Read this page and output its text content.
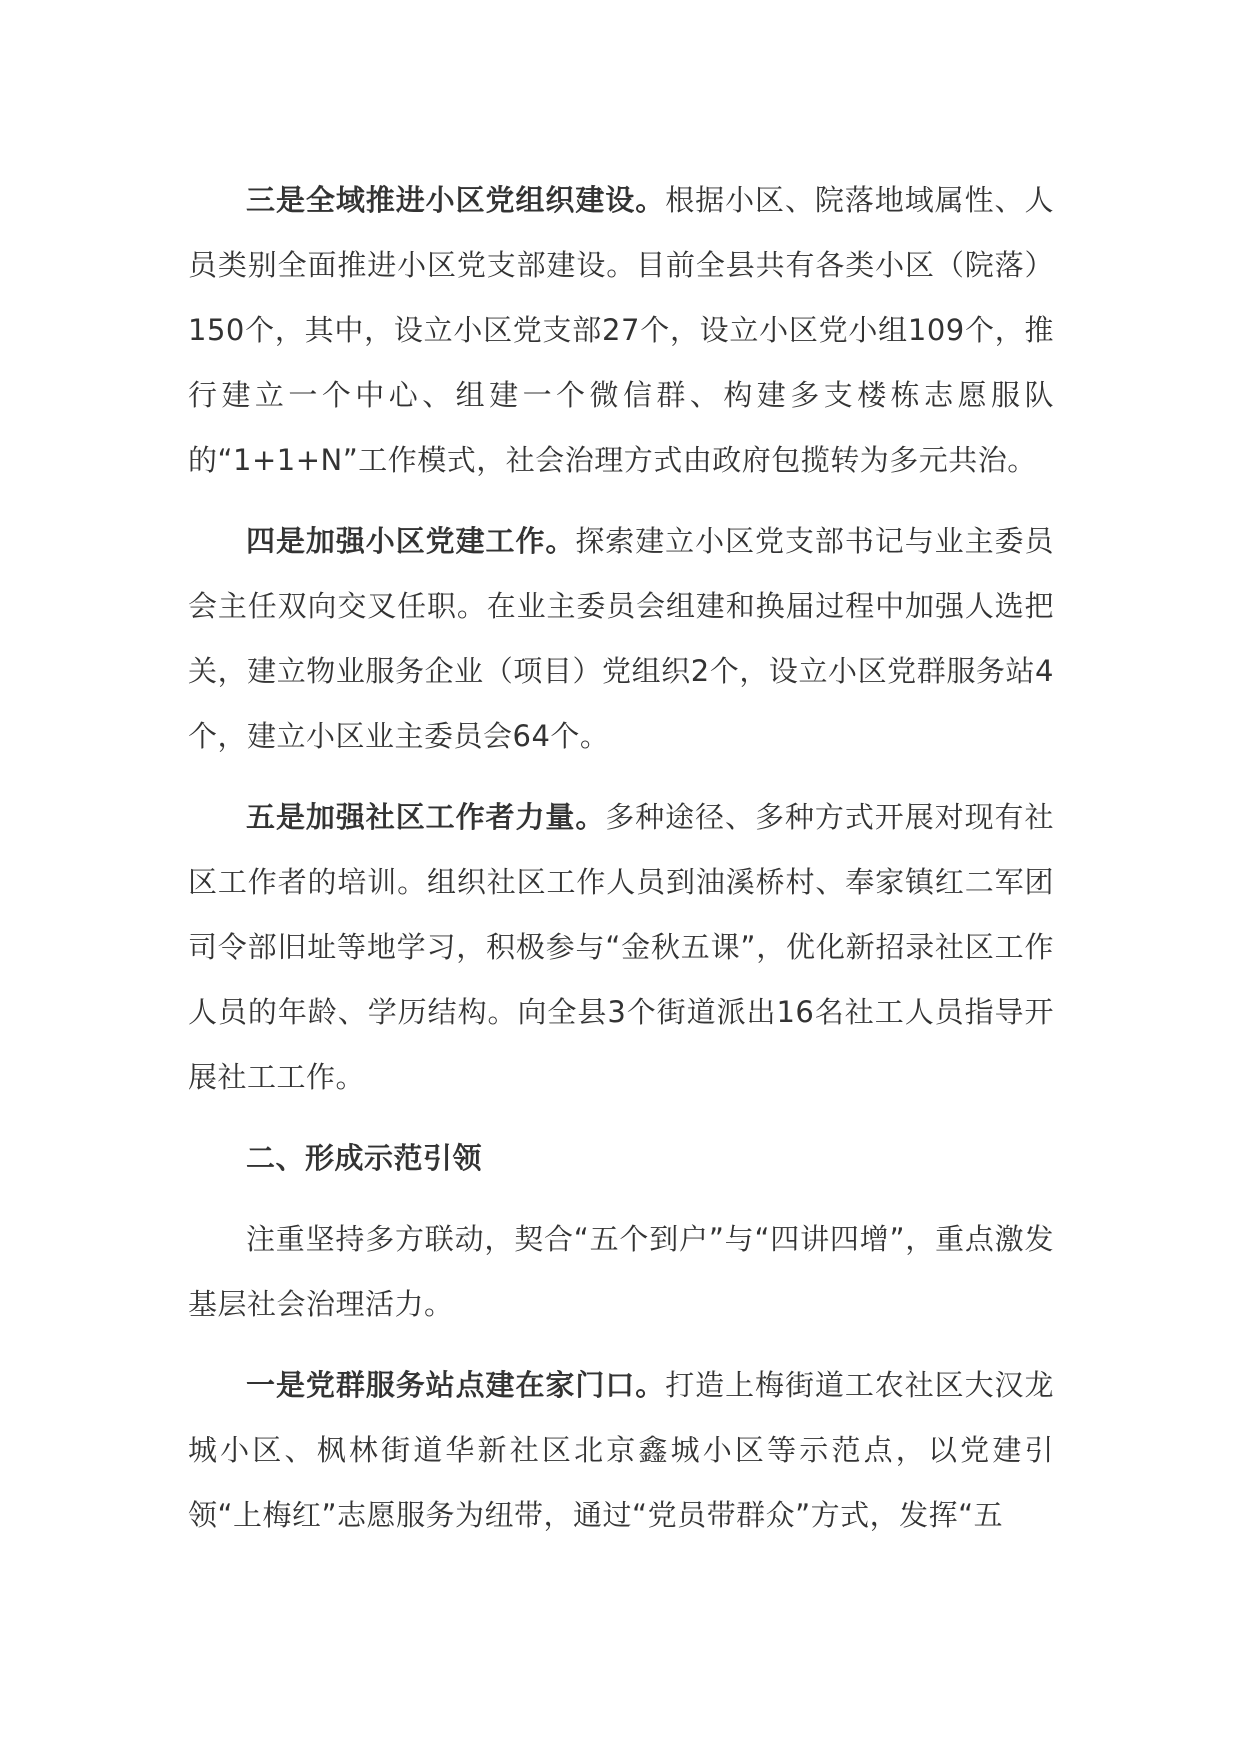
三是全域推进小区党组织建设。根据小区、院落地域属性、人员类别全面推进小区党支部建设。目前全县共有各类小区（院落）150个，其中，设立小区党支部27个，设立小区党小组109个，推行建立一个中心、组建一个微信群、构建多支楼栋志愿服队的“1+1+N”工作模式，社会治理方式由政府包揽转为多元共治。

四是加强小区党建工作。探索建立小区党支部书记与业主委员会主任双向交叉任职。在业主委员会组建和换届过程中加强人选把关，建立物业服务企业（项目）党组织2个，设立小区党群服务站4个，建立小区业主委员会64个。

五是加强社区工作者力量。多种途径、多种方式开展对现有社区工作者的培训。组织社区工作人员到油溪桥村、奉家镇红二军团司令部旧址等地学习，积极参与“金秋五课”，优化新招录社区工作人员的年龄、学历结构。向全县3个街道派出16名社工人员指导开展社工工作。

二、形成示范引领

注重坚持多方联动，契合“五个到户”与“四讲四增”，重点激发基层社会治理活力。

一是党群服务站点建在家门口。打造上梅街道工农社区大汉龙城小区、枫林街道华新社区北京鑫城小区等示范点，以党建引领“上梅红”志愿服务为纽带，通过“党员带群众”方式，发挥“五
